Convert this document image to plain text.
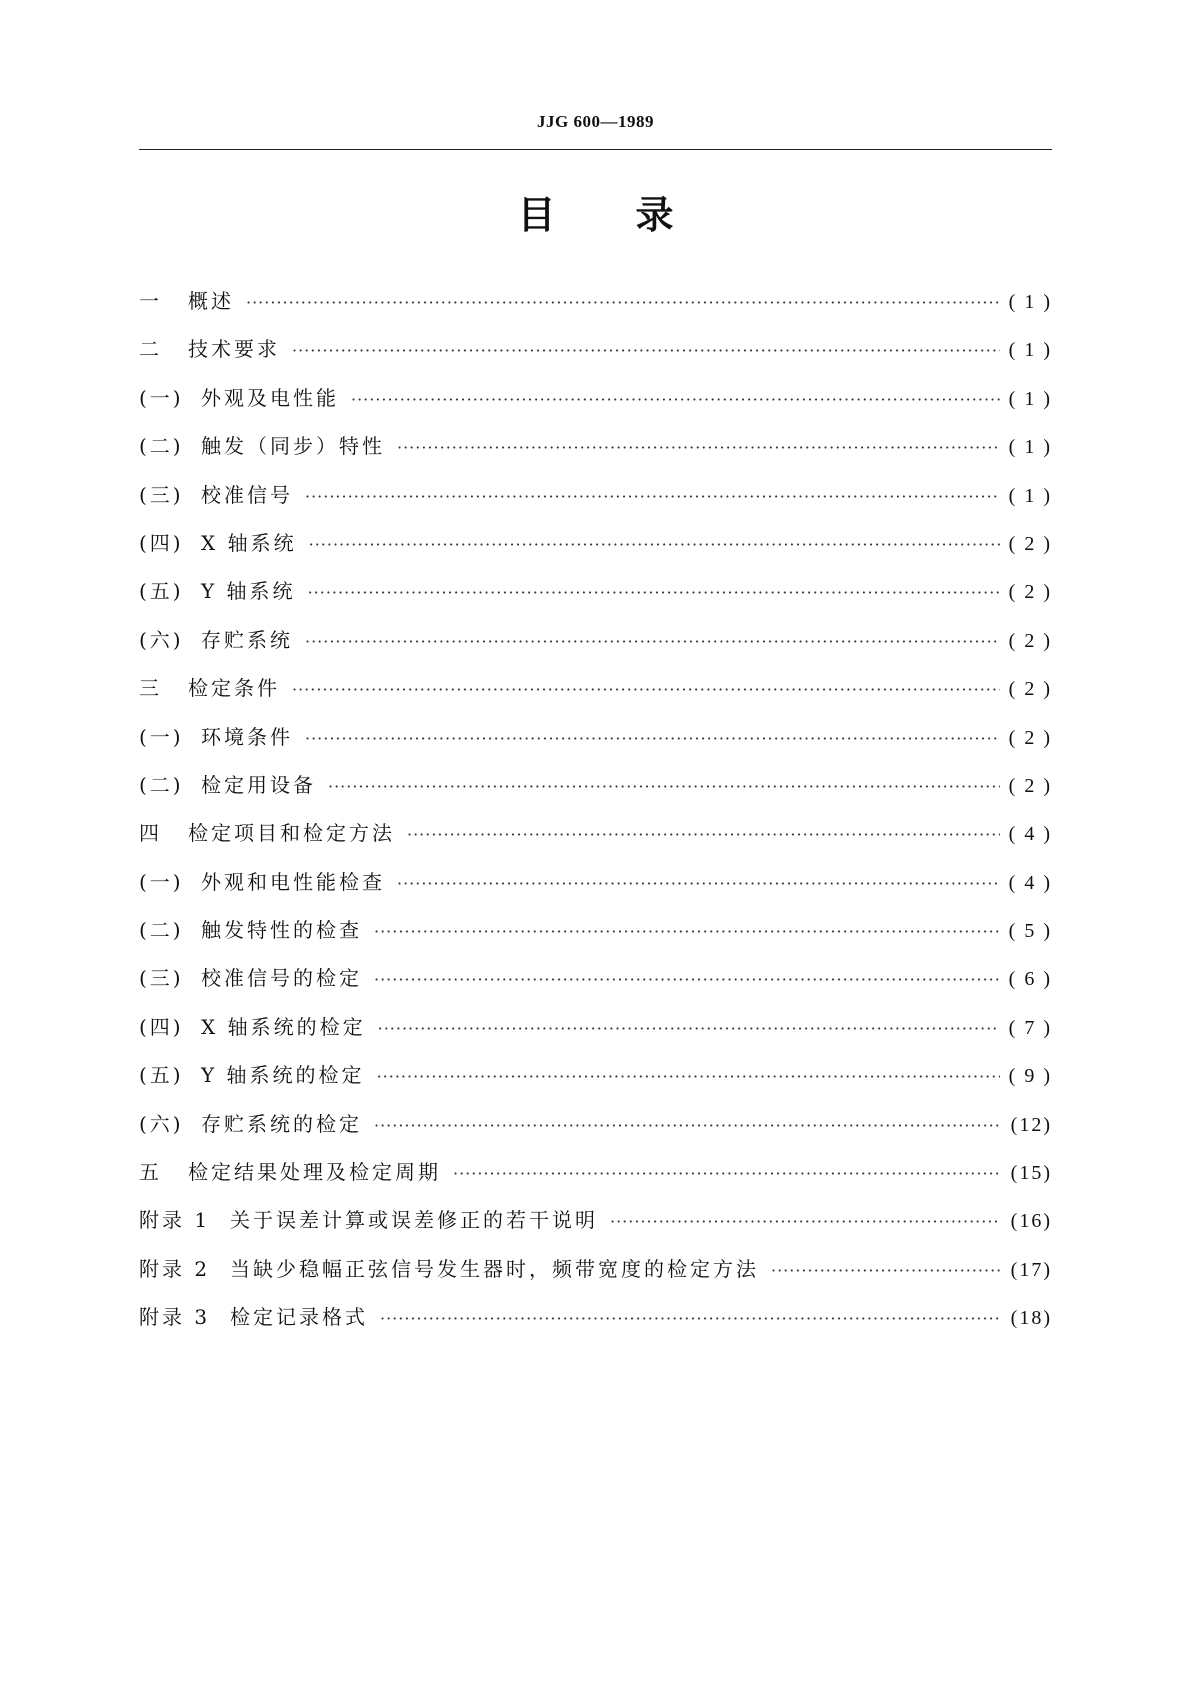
JJG 600—1989
目录
一	概述 ·····	( 1 )
二	技术要求 ·····	( 1 )
(一) 外观及电性能 ·····	( 1 )
(二) 触发（同步）特性 ·····	( 1 )
(三) 校准信号 ·····	( 1 )
(四) X 轴系统 ·····	( 2 )
(五) Y 轴系统 ·····	( 2 )
(六) 存贮系统 ·····	( 2 )
三	检定条件 ·····	( 2 )
(一) 环境条件 ·····	( 2 )
(二) 检定用设备 ·····	( 2 )
四	检定项目和检定方法 ·····	( 4 )
(一) 外观和电性能检查 ·····	( 4 )
(二) 触发特性的检查 ·····	( 5 )
(三) 校准信号的检定 ·····	( 6 )
(四) X 轴系统的检定 ·····	( 7 )
(五) Y 轴系统的检定 ·····	( 9 )
(六) 存贮系统的检定 ·····	(12)
五	检定结果处理及检定周期 ·····	(15)
附录 1 关于误差计算或误差修正的若干说明 ·····	(16)
附录 2 当缺少稳幅正弦信号发生器时，频带宽度的检定方法 ·····	(17)
附录 3 检定记录格式 ·····	(18)
